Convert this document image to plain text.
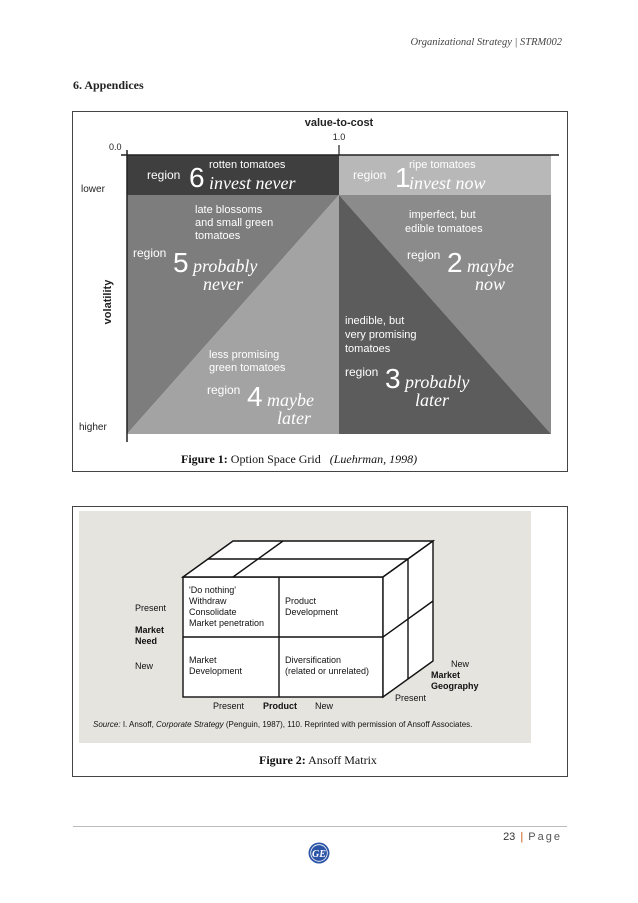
Organizational Strategy | STRM002
6. Appendices
value-to-cost
1.0
0.0
lower
higher
volatility
region 6 rotten tomatoes
invest never	region 1
ripe tomatoes
invest now
late blossoms
and small green
tomatoes
region 5 probably
never
imperfect, but
edible tomatoes
region 2 maybe
now
inedible, but
very promising
tomatoes
region 3 probably
later
less promising
green tomatoes
region 4 maybe
later
Figure 1: Option Space Grid (Luehrman, 1998)
'Do nothing'
Withdraw
Consolidate
Market penetration
Product
Development
Market
Development
Diversification
(related or unrelated)
Present
Market
Need
New
Present Product New
New
Market
Geography
Present
Source: I. Ansoff, Corporate Strategy (Penguin, 1987), 110. Reprinted with permission of Ansoff Associates.
Figure 2: Ansoff Matrix
23 | Page
GE
